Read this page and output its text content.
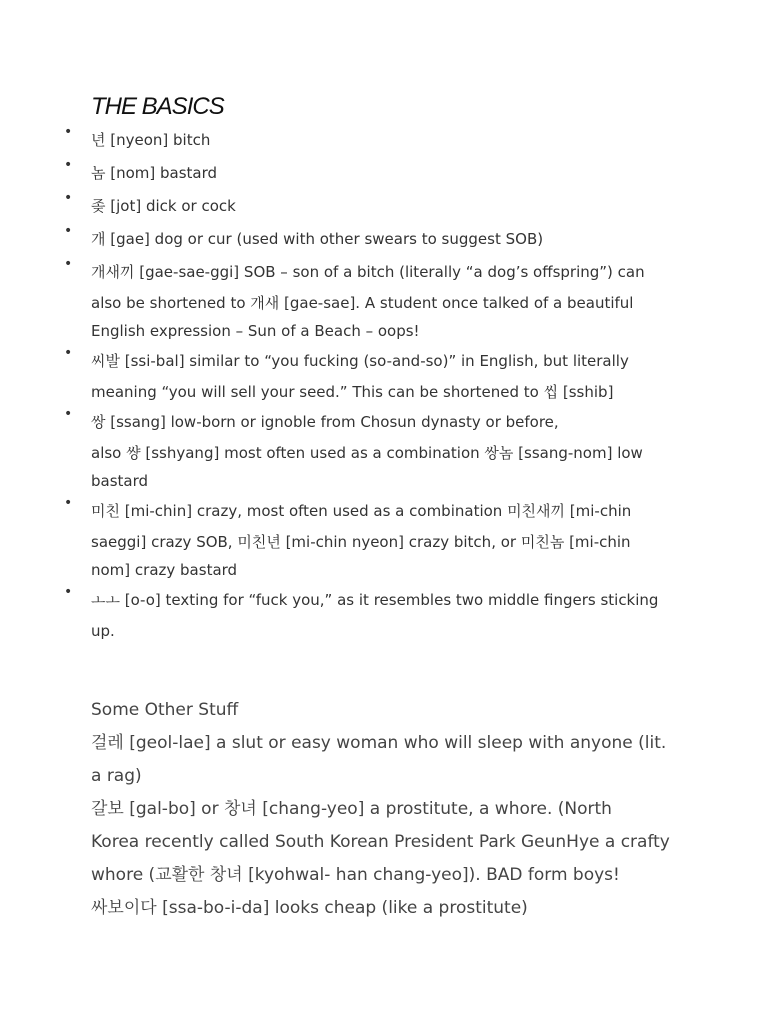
THE BASICS
• 년 [nyeon] bitch
• 놈 [nom] bastard
• 좆 [jot] dick or cock
• 개 [gae] dog or cur (used with other swears to suggest SOB)
• 개새끼 [gae-sae-ggi] SOB – son of a bitch (literally “a dog’s offspring”) can
also be shortened to 개새 [gae-sae]. A student once talked of a beautiful
English expression – Sun of a Beach – oops!
• 씨발 [ssi-bal] similar to “you fucking (so-and-so)” in English, but literally
meaning “you will sell your seed.” This can be shortened to 씹 [sshib]
• 쌍 [ssang] low-born or ignoble from Chosun dynasty or before,
also 썅 [sshyang] most often used as a combination 쌍놈 [ssang-nom] low
bastard
• 미친 [mi-chin] crazy, most often used as a combination 미친새끼 [mi-chin
saeggi] crazy SOB, 미친년 [mi-chin nyeon] crazy bitch, or 미친놈 [mi-chin
nom] crazy bastard
• ㅗㅗ [o-o] texting for “fuck you,” as it resembles two middle fingers sticking
up.
Some Other Stuff
걸레 [geol-lae] a slut or easy woman who will sleep with anyone (lit.
a rag)
갈보 [gal-bo] or 창녀 [chang-yeo] a prostitute, a whore. (North
Korea recently called South Korean President Park GeunHye a crafty
whore (교활한 창녀 [kyohwal- han chang-yeo]). BAD form boys!
싸보이다 [ssa-bo-i-da] looks cheap (like a prostitute)
